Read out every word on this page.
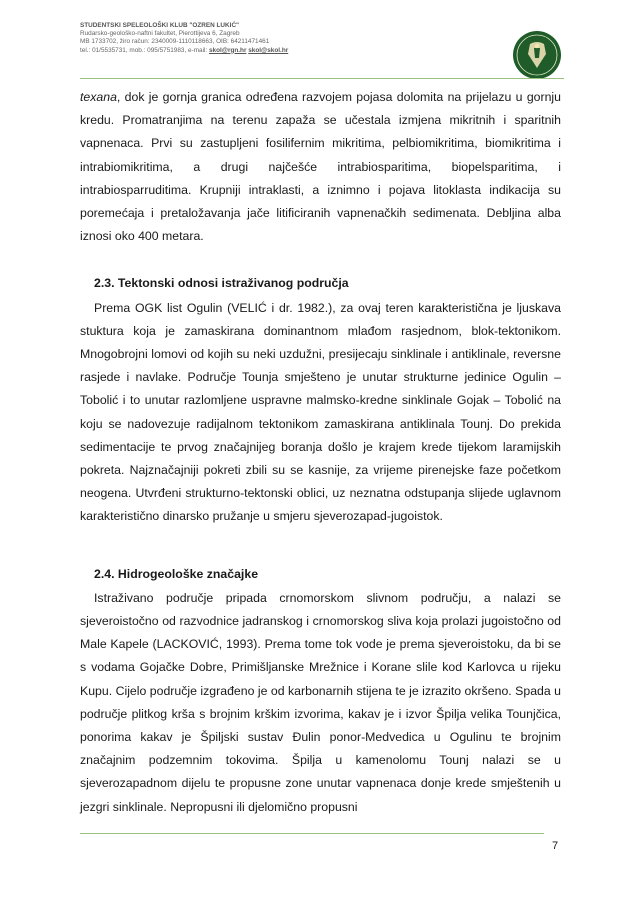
STUDENTSKI SPELEOLOŠKI KLUB "OZREN LUKIĆ"
Rudarsko-geološko-naftni fakultet, Pierottijeva 6, Zagreb
MB 1733702, žiro račun: 2340009-1110118663, OIB: 64211471461
tel.: 01/5535731, mob.: 095/5751983, e-mail: skol@rgn.hr skol@skol.hr

texana, dok je gornja granica određena razvojem pojasa dolomita na prijelazu u gornju kredu. Promatranjima na terenu zapaža se učestala izmjena mikritnih i sparitnih vapnenaca. Prvi su zastupljeni fosilifernim mikritima, pelbiomikritima, biomikritima i intrabiomikritima, a drugi najčešće intrabiosparitima, biopelsparitima, i intrabiosparruditima. Krupniji intraklasti, a iznimno i pojava litoklasta indikacija su poremećaja i pretaložavanja jače litificiranih vapnenačkih sedimenata. Debljina alba iznosi oko 400 metara.

2.3. Tektonski odnosi istraživanog područja

Prema OGK list Ogulin (VELIĆ i dr. 1982.), za ovaj teren karakteristična je ljuskava stuktura koja je zamaskirana dominantnom mlađom rasjednom, blok-tektonikom. Mnogobrojni lomovi od kojih su neki uzdužni, presijecaju sinklinale i antiklinale, reversne rasjede i navlake. Područje Tounja smješteno je unutar strukturne jedinice Ogulin – Tobolić i to unutar razlomljene uspravne malmsko-kredne sinklinale Gojak – Tobolić na koju se nadovezuje radijalnom tektonikom zamaskirana antiklinala Tounj. Do prekida sedimentacije te prvog značajnijeg boranja došlo je krajem krede tijekom laramijskih pokreta. Najznačajniji pokreti zbili su se kasnije, za vrijeme pirenejske faze početkom neogena. Utvrđeni strukturno-tektonski oblici, uz neznatna odstupanja slijede uglavnom karakteristično dinarsko pružanje u smjeru sjeverozapad-jugoistok.

2.4. Hidrogeološke značajke

Istraživano područje pripada crnomorskom slivnom području, a nalazi se sjeveroistočno od razvodnice jadranskog i crnomorskog sliva koja prolazi jugoistočno od Male Kapele (LACKOVIĆ, 1993). Prema tome tok vode je prema sjeveroistoku, da bi se s vodama Gojačke Dobre, Primišljanske Mrežnice i Korane slile kod Karlovca u rijeku Kupu. Cijelo područje izgrađeno je od karbonarnih stijena te je izrazito okršeno. Spada u područje plitkog krša s brojnim krškim izvorima, kakav je i izvor Špilja velika Tounjčica, ponorima kakav je Špiljski sustav Đulin ponor-Medvedica u Ogulinu te brojnim značajnim podzemnim tokovima. Špilja u kamenolomu Tounj nalazi se u sjeverozapadnom dijelu te propusne zone unutar vapnenaca donje krede smještenih u jezgri sinklinale. Nepropusni ili djelomično propusni

7
